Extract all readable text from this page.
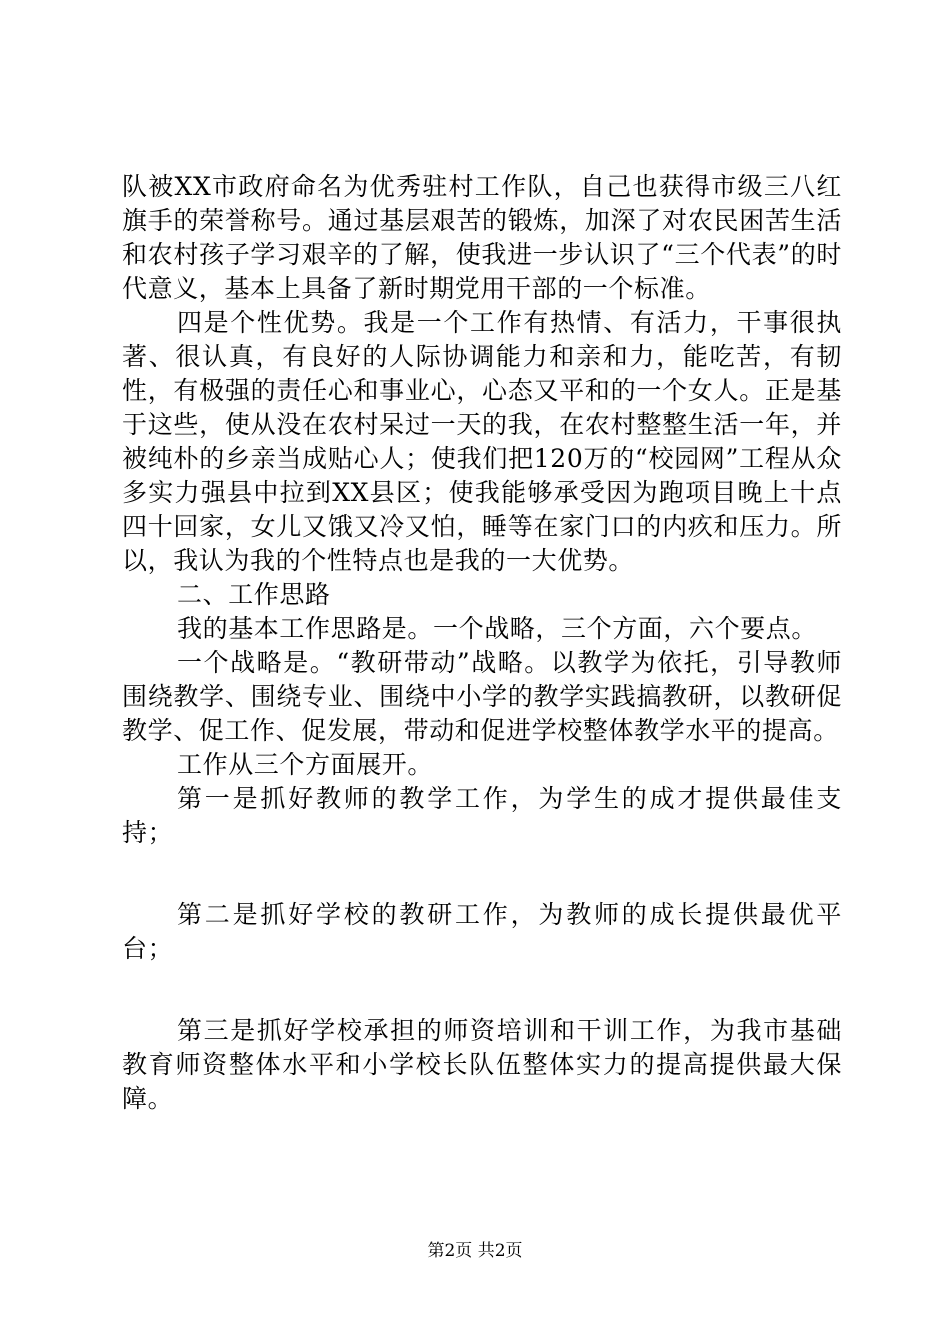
队被XX市政府命名为优秀驻村工作队，自己也获得市级三八红旗手的荣誉称号。通过基层艰苦的锻炼，加深了对农民困苦生活和农村孩子学习艰辛的了解，使我进一步认识了“三个代表”的时代意义，基本上具备了新时期党用干部的一个标准。

四是个性优势。我是一个工作有热情、有活力，干事很执著、很认真，有良好的人际协调能力和亲和力，能吃苦，有韧性，有极强的责任心和事业心，心态又平和的一个女人。正是基于这些，使从没在农村呆过一天的我，在农村整整生活一年，并被纯朴的乡亲当成贴心人；使我们把120万的“校园网”工程从众多实力强县中拉到XX县区；使我能够承受因为跑项目晚上十点四十回家，女儿又饿又冷又怕，睡等在家门口的内疚和压力。所以，我认为我的个性特点也是我的一大优势。

二、工作思路

我的基本工作思路是。一个战略，三个方面，六个要点。

一个战略是。“教研带动”战略。以教学为依托，引导教师围绕教学、围绕专业、围绕中小学的教学实践搞教研，以教研促教学、促工作、促发展，带动和促进学校整体教学水平的提高。

工作从三个方面展开。

第一是抓好教师的教学工作，为学生的成才提供最佳支持；

第二是抓好学校的教研工作，为教师的成长提供最优平台；

第三是抓好学校承担的师资培训和干训工作，为我市基础教育师资整体水平和小学校长队伍整体实力的提高提供最大保障。

第2页 共2页
